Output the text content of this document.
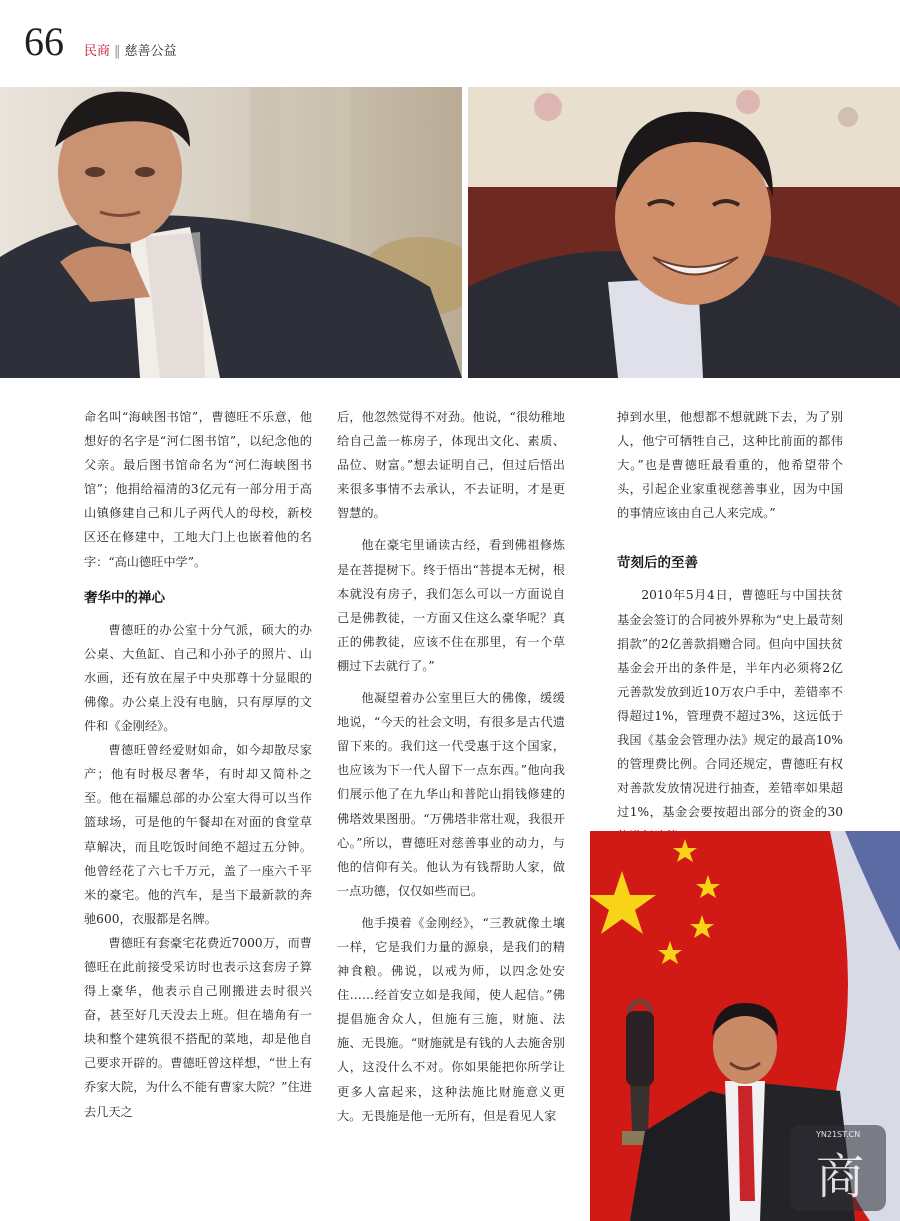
66 民商 ‖ 慈善公益

命名叫“海峡图书馆”，曹德旺不乐意，他想好的名字是“河仁图书馆”，以纪念他的父亲。最后图书馆命名为“河仁海峡图书馆”；他捐给福清的3亿元有一部分用于高山镇修建自己和儿子两代人的母校，新校区还在修建中，工地大门上也嵌着他的名字：“高山德旺中学”。

奢华中的禅心

曹德旺的办公室十分气派，硕大的办公桌、大鱼缸、自己和小孙子的照片、山水画，还有放在屋子中央那尊十分显眼的佛像。办公桌上没有电脑，只有厚厚的文件和《金刚经》。

曹德旺曾经爱财如命，如今却散尽家产；他有时极尽奢华，有时却又简朴之至。他在福耀总部的办公室大得可以当作篮球场，可是他的午餐却在对面的食堂草草解决，而且吃饭时间绝不超过五分钟。他曾经花了六七千万元，盖了一座六千平米的豪宅。他的汽车，是当下最新款的奔驰600，衣服都是名牌。

曹德旺有套豪宅花费近7000万，而曹德旺在此前接受采访时也表示这套房子算得上豪华，他表示自己刚搬进去时很兴奋，甚至好几天没去上班。但在墙角有一块和整个建筑很不搭配的菜地，却是他自己要求开辟的。曹德旺曾这样想，“世上有乔家大院，为什么不能有曹家大院？”住进去几天之

后，他忽然觉得不对劲。他说，“很幼稚地给自己盖一栋房子，体现出文化、素质、品位、财富。”想去证明自己，但过后悟出来很多事情不去承认，不去证明，才是更智慧的。

他在豪宅里诵读古经，看到佛祖修炼是在菩提树下。终于悟出“菩提本无树，根本就没有房子，我们怎么可以一方面说自己是佛教徒，一方面又住这么豪华呢？真正的佛教徒，应该不住在那里，有一个草棚过下去就行了。”

他凝望着办公室里巨大的佛像，缓缓地说，“今天的社会文明，有很多是古代遗留下来的。我们这一代受惠于这个国家，也应该为下一代人留下一点东西。”他向我们展示他了在九华山和普陀山捐钱修建的佛塔效果图册。“万佛塔非常壮观，我很开心。”所以，曹德旺对慈善事业的动力，与他的信仰有关。他认为有钱帮助人家，做一点功德，仅仅如些而已。

他手摸着《金刚经》，“三教就像土壤一样，它是我们力量的源泉，是我们的精神食粮。佛说，以戒为师，以四念处安住……经首安立如是我闻，使人起信。”佛提倡施舍众人，但施有三施，财施、法施、无畏施。“财施就是有钱的人去施舍别人，这没什么不对。你如果能把你所学让更多人富起来，这种法施比财施意义更大。无畏施是他一无所有，但是看见人家

掉到水里，他想都不想就跳下去，为了别人，他宁可牺牲自己，这种比前面的都伟大。”也是曹德旺最看重的，他希望带个头，引起企业家重视慈善事业，因为中国的事情应该由自己人来完成。”

苛刻后的至善

2010年5月4日，曹德旺与中国扶贫基金会签订的合同被外界称为“史上最苛刻捐款”的2亿善款捐赠合同。但向中国扶贫基金会开出的条件是，半年内必须将2亿元善款发放到近10万农户手中，差错率不得超过1%，管理费不超过3%，这远低于我国《基金会管理办法》规定的最高10%的管理费比例。合同还规定，曹德旺有权对善款发放情况进行抽查，差错率如果超过1%，基金会要按超出部分的资金的30

YN21ST.CN
商
